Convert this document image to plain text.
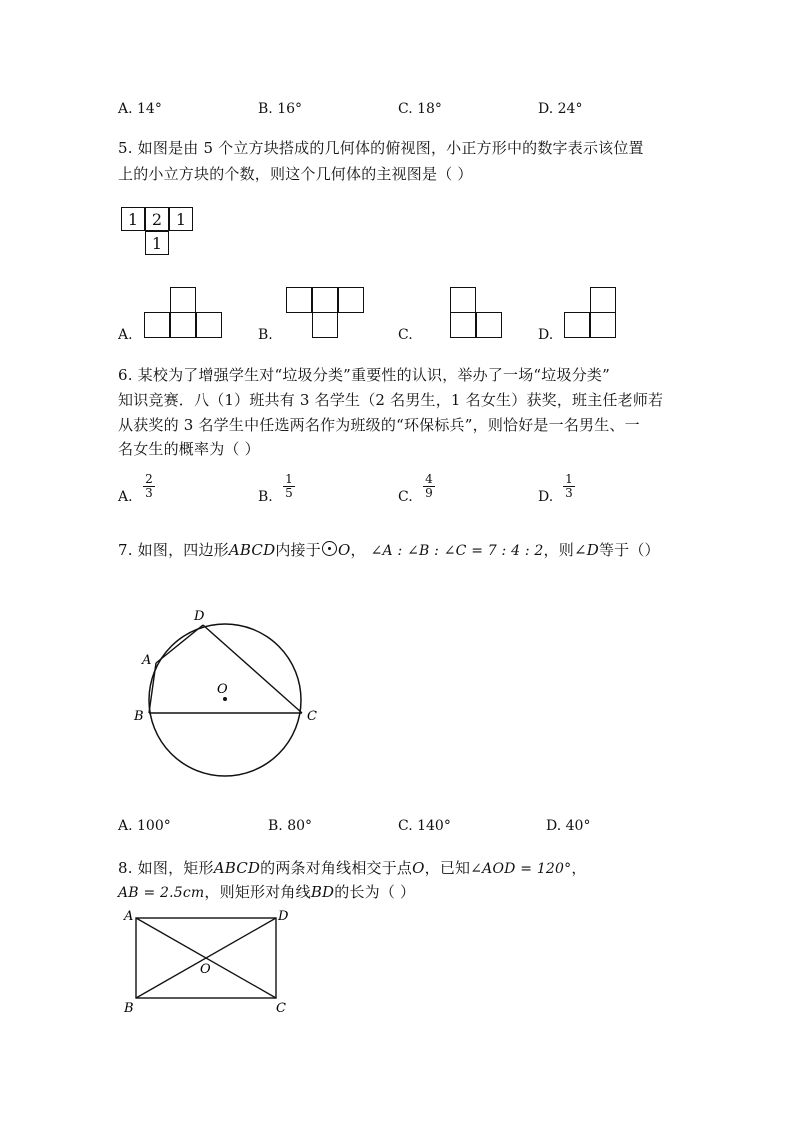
A. 14°	B. 16°	C. 18°	D. 24°
5. 如图是由 5 个立方块搭成的几何体的俯视图，小正方形中的数字表示该位置
上的小立方块的个数，则这个几何体的主视图是（ ）
1 2 1
1
A.	B.	C.	D.
6. 某校为了增强学生对“垃圾分类”重要性的认识，举办了一场“垃圾分类”
知识竞赛．八（1）班共有 3 名学生（2 名男生，1 名女生）获奖，班主任老师若
从获奖的 3 名学生中任选两名作为班级的“环保标兵”，则恰好是一名男生、一
名女生的概率为（ ）
A.
2
3	B.
1
5	C.
4
9	D.
1
3
7. 如图，四边形ABCD内接于 O， ∠A : ∠B : ∠C = 7 : 4 : 2，则∠D等于（）
D
A
B	C
O
A. 100°	B. 80°	C. 140°	D. 40°
8. 如图，矩形ABCD的两条对角线相交于点O，已知∠AOD = 120°，
AB = 2.5cm，则矩形对角线BD的长为（ ）
A	D
B	C
O
